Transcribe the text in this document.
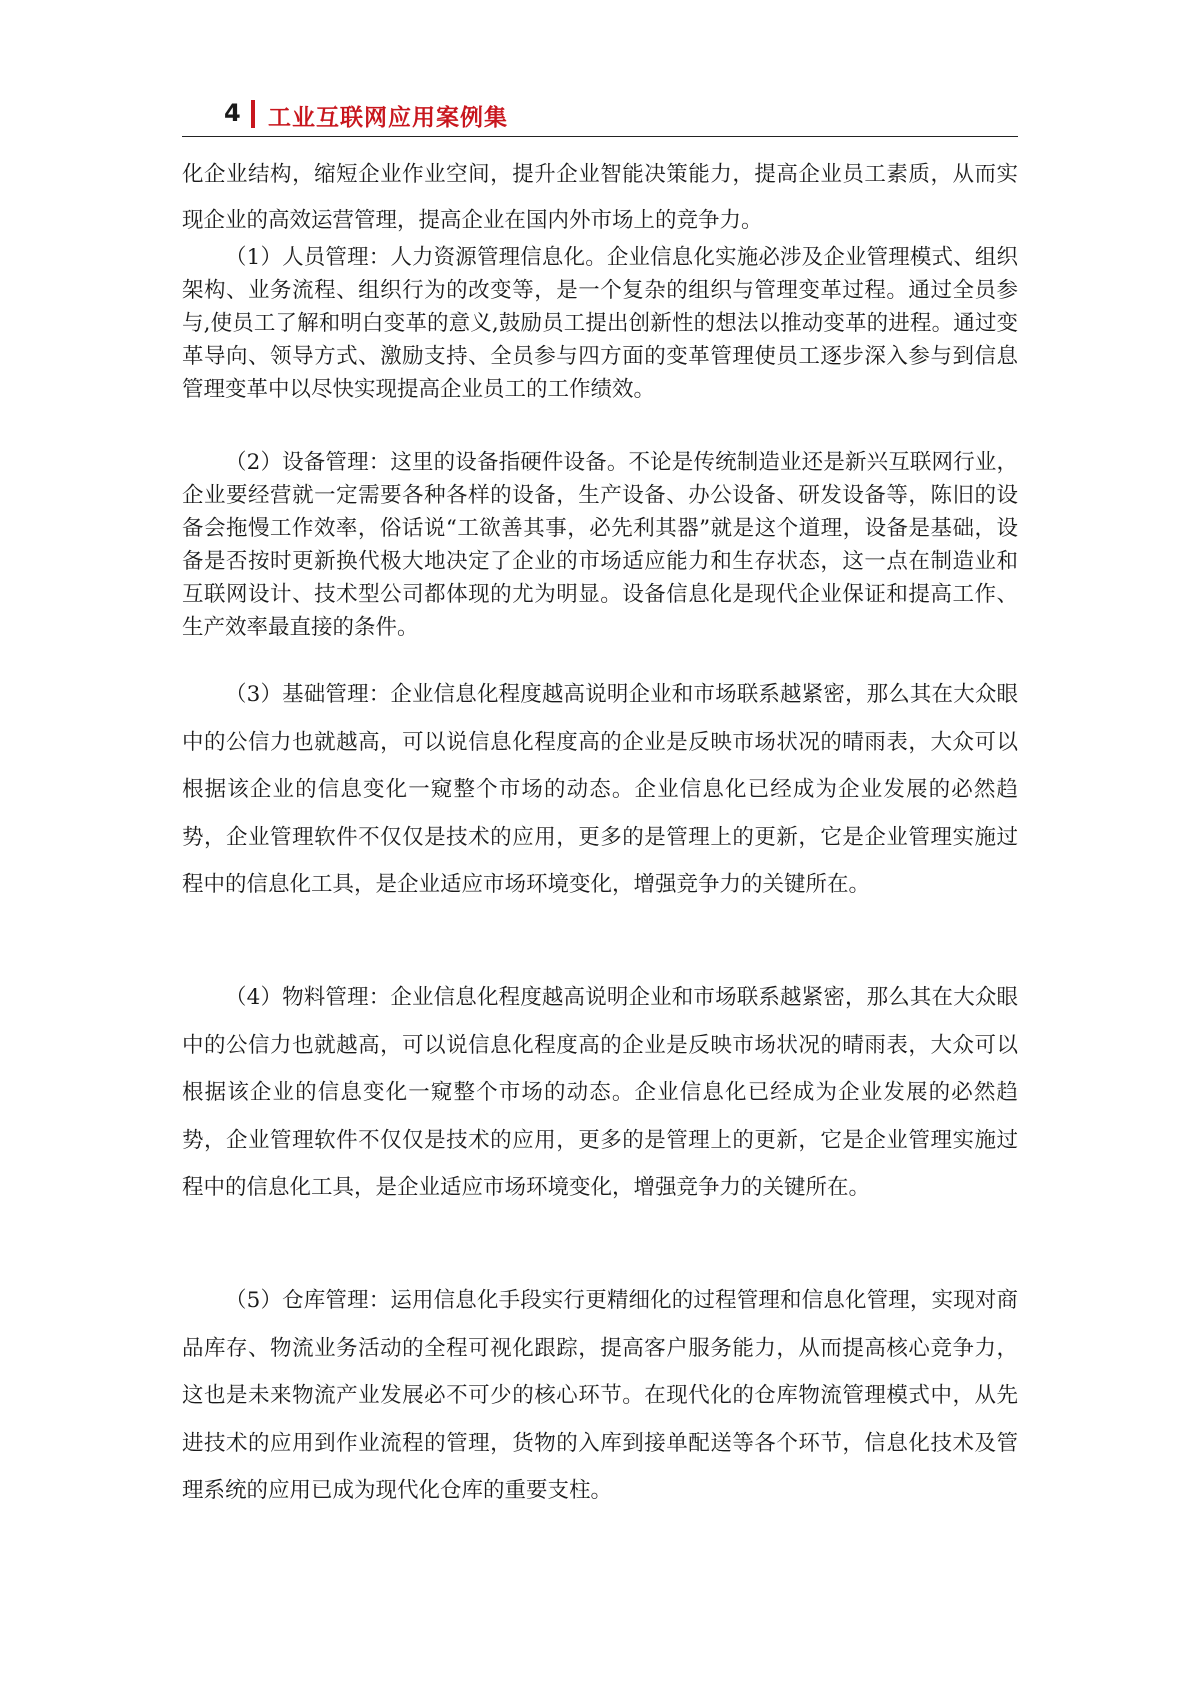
4 工业互联网应用案例集

化企业结构，缩短企业作业空间，提升企业智能决策能力，提高企业员工素质，从而实现企业的高效运营管理，提高企业在国内外市场上的竞争力。

（1）人员管理：人力资源管理信息化。企业信息化实施必涉及企业管理模式、组织架构、业务流程、组织行为的改变等，是一个复杂的组织与管理变革过程。通过全员参与,使员工了解和明白变革的意义,鼓励员工提出创新性的想法以推动变革的进程。通过变革导向、领导方式、激励支持、全员参与四方面的变革管理使员工逐步深入参与到信息管理变革中以尽快实现提高企业员工的工作绩效。

（2）设备管理：这里的设备指硬件设备。不论是传统制造业还是新兴互联网行业，企业要经营就一定需要各种各样的设备，生产设备、办公设备、研发设备等，陈旧的设备会拖慢工作效率，俗话说“工欲善其事，必先利其器”就是这个道理，设备是基础，设备是否按时更新换代极大地决定了企业的市场适应能力和生存状态，这一点在制造业和互联网设计、技术型公司都体现的尤为明显。设备信息化是现代企业保证和提高工作、生产效率最直接的条件。

（3）基础管理：企业信息化程度越高说明企业和市场联系越紧密，那么其在大众眼中的公信力也就越高，可以说信息化程度高的企业是反映市场状况的晴雨表，大众可以根据该企业的信息变化一窥整个市场的动态。企业信息化已经成为企业发展的必然趋势，企业管理软件不仅仅是技术的应用，更多的是管理上的更新，它是企业管理实施过程中的信息化工具，是企业适应市场环境变化，增强竞争力的关键所在。

（4）物料管理：企业信息化程度越高说明企业和市场联系越紧密，那么其在大众眼中的公信力也就越高，可以说信息化程度高的企业是反映市场状况的晴雨表，大众可以根据该企业的信息变化一窥整个市场的动态。企业信息化已经成为企业发展的必然趋势，企业管理软件不仅仅是技术的应用，更多的是管理上的更新，它是企业管理实施过程中的信息化工具，是企业适应市场环境变化，增强竞争力的关键所在。

（5）仓库管理：运用信息化手段实行更精细化的过程管理和信息化管理，实现对商品库存、物流业务活动的全程可视化跟踪，提高客户服务能力，从而提高核心竞争力，这也是未来物流产业发展必不可少的核心环节。在现代化的仓库物流管理模式中，从先进技术的应用到作业流程的管理，货物的入库到接单配送等各个环节，信息化技术及管理系统的应用已成为现代化仓库的重要支柱。
